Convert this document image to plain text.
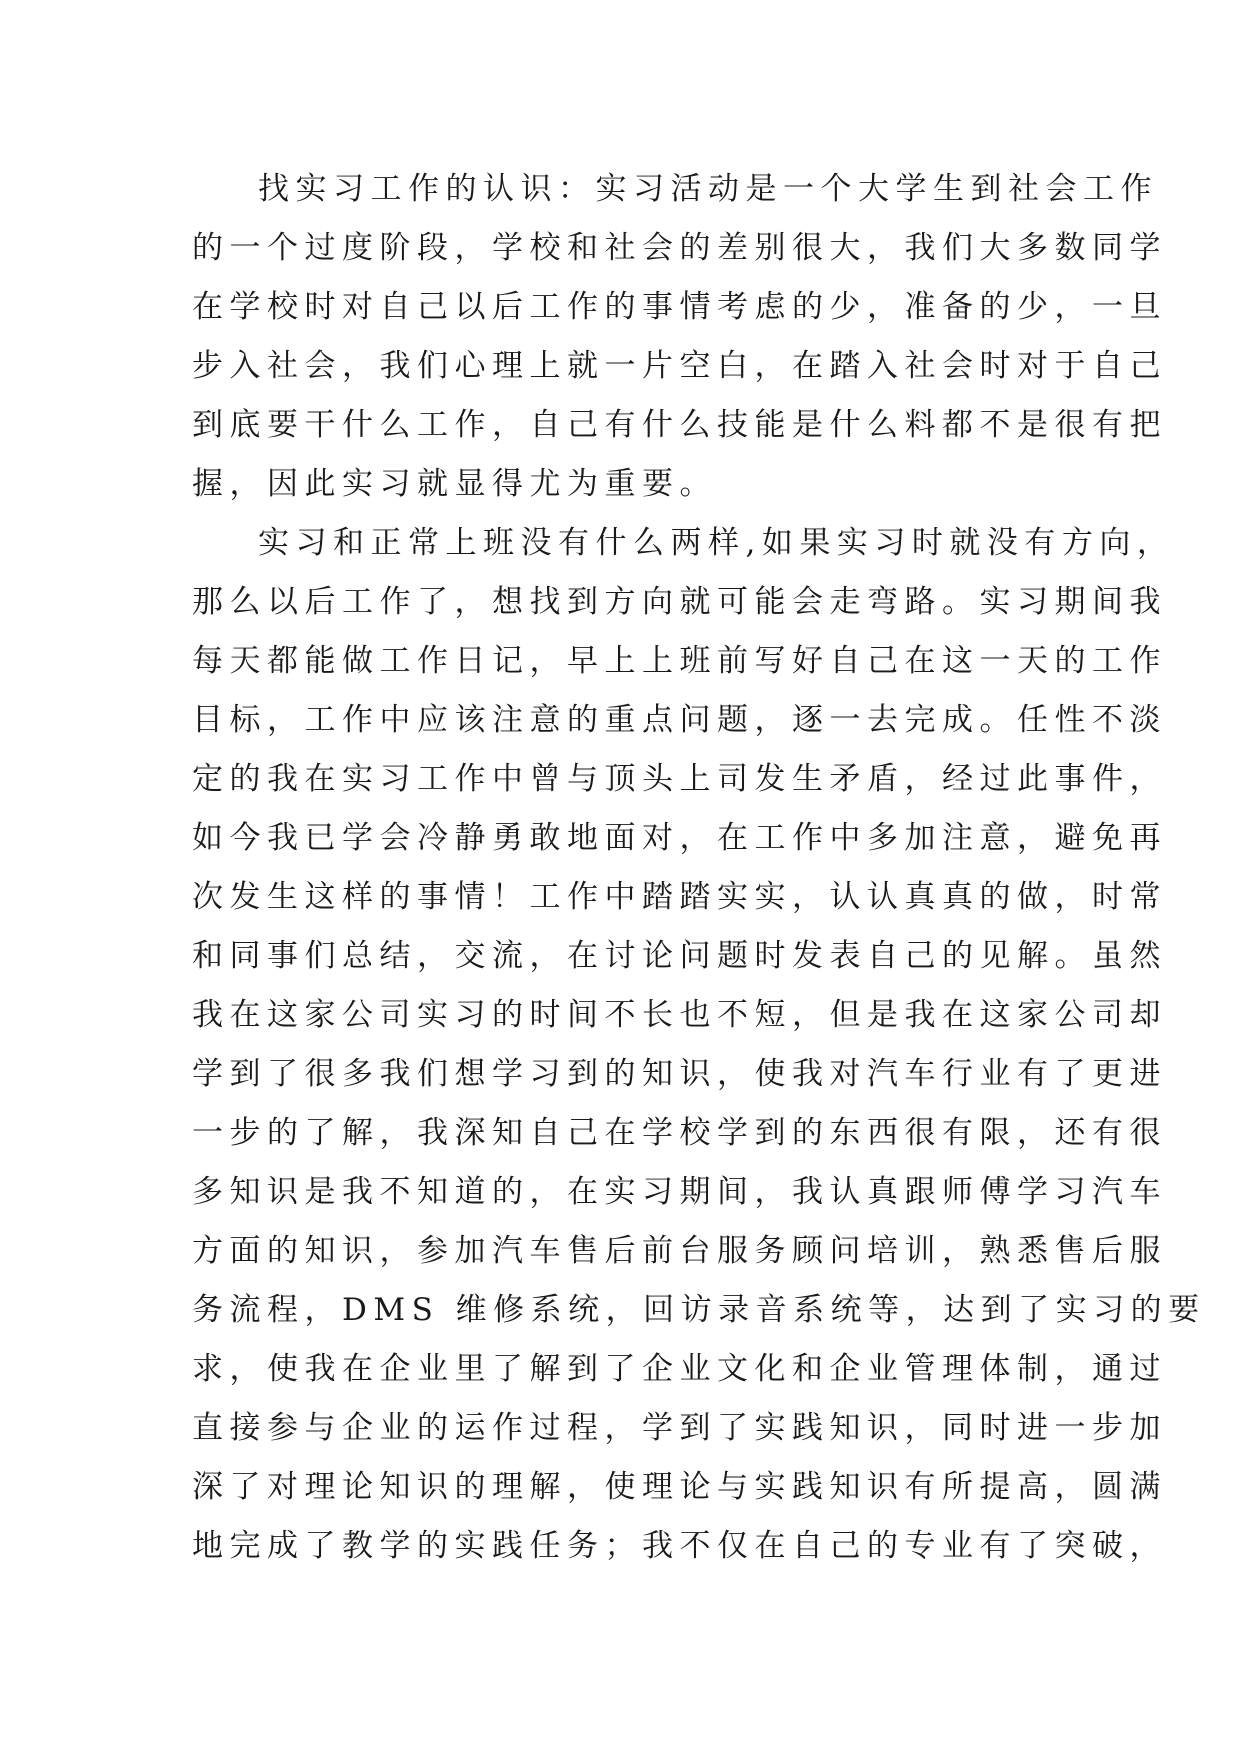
找实习工作的认识：实习活动是一个大学生到社会工作
的一个过度阶段，学校和社会的差别很大，我们大多数同学
在学校时对自己以后工作的事情考虑的少，准备的少，一旦
步入社会，我们心理上就一片空白，在踏入社会时对于自己
到底要干什么工作，自己有什么技能是什么料都不是很有把
握，因此实习就显得尤为重要。
实习和正常上班没有什么两样,如果实习时就没有方向，
那么以后工作了，想找到方向就可能会走弯路。实习期间我
每天都能做工作日记，早上上班前写好自己在这一天的工作
目标，工作中应该注意的重点问题，逐一去完成。任性不淡
定的我在实习工作中曾与顶头上司发生矛盾，经过此事件，
如今我已学会冷静勇敢地面对，在工作中多加注意，避免再
次发生这样的事情！工作中踏踏实实，认认真真的做，时常
和同事们总结，交流，在讨论问题时发表自己的见解。虽然
我在这家公司实习的时间不长也不短，但是我在这家公司却
学到了很多我们想学习到的知识，使我对汽车行业有了更进
一步的了解，我深知自己在学校学到的东西很有限，还有很
多知识是我不知道的，在实习期间，我认真跟师傅学习汽车
方面的知识，参加汽车售后前台服务顾问培训，熟悉售后服
务流程，DMS 维修系统，回访录音系统等，达到了实习的要
求，使我在企业里了解到了企业文化和企业管理体制，通过
直接参与企业的运作过程，学到了实践知识，同时进一步加
深了对理论知识的理解，使理论与实践知识有所提高，圆满
地完成了教学的实践任务；我不仅在自己的专业有了突破，
